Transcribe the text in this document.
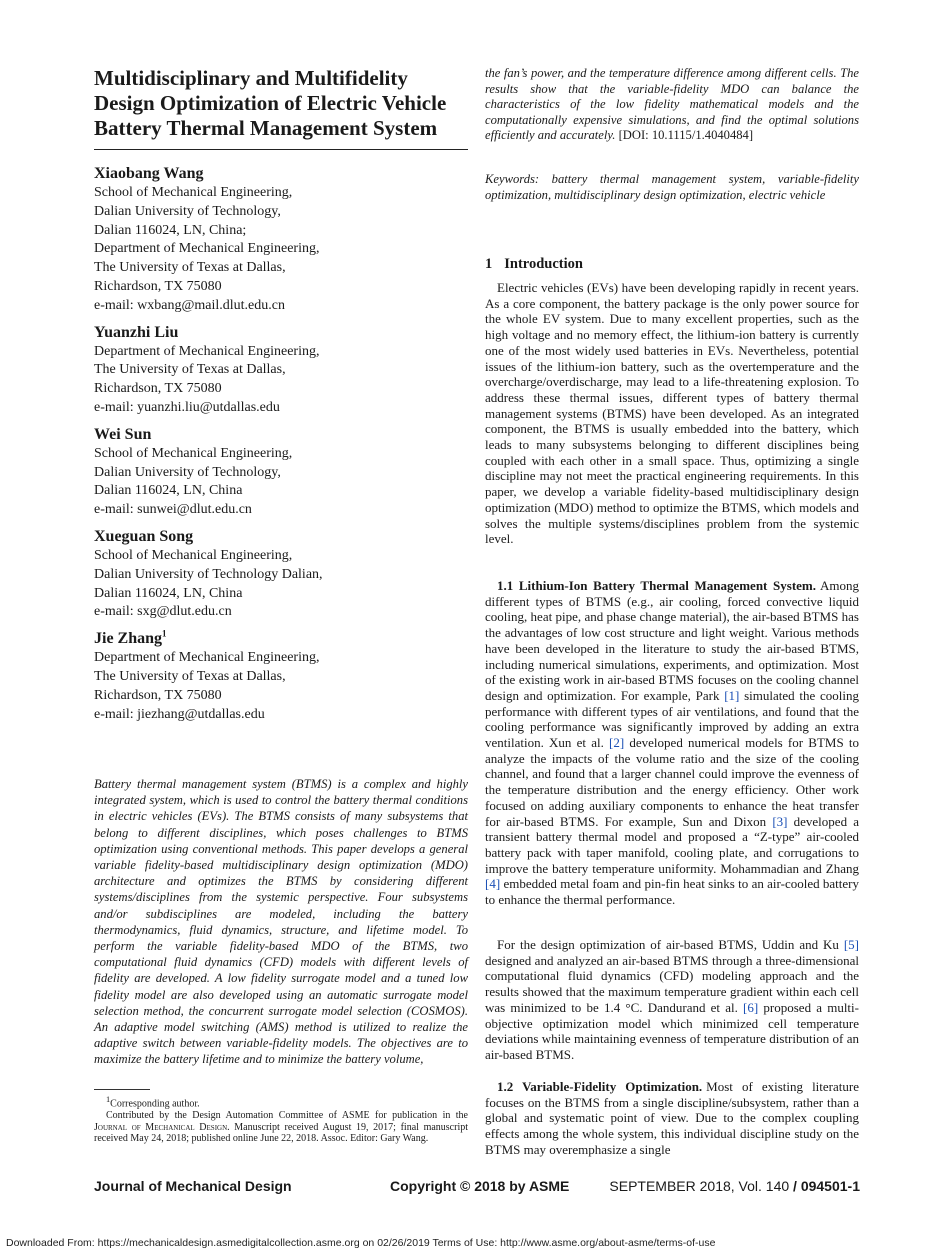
Multidisciplinary and Multifidelity Design Optimization of Electric Vehicle Battery Thermal Management System
Xiaobang Wang
School of Mechanical Engineering,
Dalian University of Technology,
Dalian 116024, LN, China;
Department of Mechanical Engineering,
The University of Texas at Dallas,
Richardson, TX 75080
e-mail: wxbang@mail.dlut.edu.cn
Yuanzhi Liu
Department of Mechanical Engineering,
The University of Texas at Dallas,
Richardson, TX 75080
e-mail: yuanzhi.liu@utdallas.edu
Wei Sun
School of Mechanical Engineering,
Dalian University of Technology,
Dalian 116024, LN, China
e-mail: sunwei@dlut.edu.cn
Xueguan Song
School of Mechanical Engineering,
Dalian University of Technology Dalian,
Dalian 116024, LN, China
e-mail: sxg@dlut.edu.cn
Jie Zhang$^1$
Department of Mechanical Engineering,
The University of Texas at Dallas,
Richardson, TX 75080
e-mail: jiezhang@utdallas.edu

Battery thermal management system (BTMS) is a complex and highly integrated system, which is used to control the battery thermal conditions in electric vehicles (EVs). The BTMS consists of many subsystems that belong to different disciplines, which poses challenges to BTMS optimization using conventional methods. This paper develops a general variable fidelity-based multidisciplinary design optimization (MDO) architecture and optimizes the BTMS by considering different systems/disciplines from the systemic perspective. Four subsystems and/or subdisciplines are modeled, including the battery thermodynamics, fluid dynamics, structure, and lifetime model. To perform the variable fidelity-based MDO of the BTMS, two computational fluid dynamics (CFD) models with different levels of fidelity are developed. A low fidelity surrogate model and a tuned low fidelity model are also developed using an automatic surrogate model selection method, the concurrent surrogate model selection (COSMOS). An adaptive model switching (AMS) method is utilized to realize the adaptive switch between variable-fidelity models. The objectives are to maximize the battery lifetime and to minimize the battery volume,

$^1$Corresponding author.

Contributed by the Design Automation Committee of ASME for publication in the Journal of Mechanical Design. Manuscript received August 19, 2017; final manuscript received May 24, 2018; published online June 22, 2018. Assoc. Editor: Gary Wang.

the fan’s power, and the temperature difference among different cells. The results show that the variable-fidelity MDO can balance the characteristics of the low fidelity mathematical models and the computationally expensive simulations, and find the optimal solutions efficiently and accurately. [DOI: 10.1115/1.4040484]

Keywords: battery thermal management system, variable-fidelity optimization, multidisciplinary design optimization, electric vehicle

1 Introduction

Electric vehicles (EVs) have been developing rapidly in recent years. As a core component, the battery package is the only power source for the whole EV system. Due to many excellent properties, such as the high voltage and no memory effect, the lithium-ion battery is currently one of the most widely used batteries in EVs. Nevertheless, potential issues of the lithium-ion battery, such as the overtemperature and the overcharge/overdischarge, may lead to a life-threatening explosion. To address these thermal issues, different types of battery thermal management systems (BTMS) have been developed. As an integrated component, the BTMS is usually embedded into the battery, which leads to many subsystems belonging to different disciplines being coupled with each other in a small space. Thus, optimizing a single discipline may not meet the practical engineering requirements. In this paper, we develop a variable fidelity-based multidisciplinary design optimization (MDO) method to optimize the BTMS, which models and solves the multiple systems/disciplines problem from the systemic level.

1.1 Lithium-Ion Battery Thermal Management System. Among different types of BTMS (e.g., air cooling, forced convective liquid cooling, heat pipe, and phase change material), the air-based BTMS has the advantages of low cost structure and light weight. Various methods have been developed in the literature to study the air-based BTMS, including numerical simulations, experiments, and optimization. Most of the existing work in air-based BTMS focuses on the cooling channel design and optimization. For example, Park [1] simulated the cooling performance with different types of air ventilations, and found that the cooling performance was significantly improved by adding an extra ventilation. Xun et al. [2] developed numerical models for BTMS to analyze the impacts of the volume ratio and the size of the cooling channel, and found that a larger channel could improve the evenness of the temperature distribution and the energy efficiency. Other work focused on adding auxiliary components to enhance the heat transfer for air-based BTMS. For example, Sun and Dixon [3] developed a transient battery thermal model and proposed a “Z-type” air-cooled battery pack with taper manifold, cooling plate, and corrugations to improve the battery temperature uniformity. Mohammadian and Zhang [4] embedded metal foam and pin-fin heat sinks to an air-cooled battery to enhance the thermal performance.

For the design optimization of air-based BTMS, Uddin and Ku [5] designed and analyzed an air-based BTMS through a three-dimensional computational fluid dynamics (CFD) modeling approach and the results showed that the maximum temperature gradient within each cell was minimized to be 1.4 °C. Dandurand et al. [6] proposed a multi-objective optimization model which minimized cell temperature deviations while maintaining evenness of temperature distribution of an air-based BTMS.

1.2 Variable-Fidelity Optimization. Most of existing literature focuses on the BTMS from a single discipline/subsystem, rather than a global and systematic point of view. Due to the complex coupling effects among the whole system, this individual discipline study on the BTMS may overemphasize a single

Journal of Mechanical Design	Copyright © 2018 by ASME	SEPTEMBER 2018, Vol. 140 / 094501-1
Downloaded From: https://mechanicaldesign.asmedigitalcollection.asme.org on 02/26/2019 Terms of Use: http://www.asme.org/about-asme/terms-of-use
